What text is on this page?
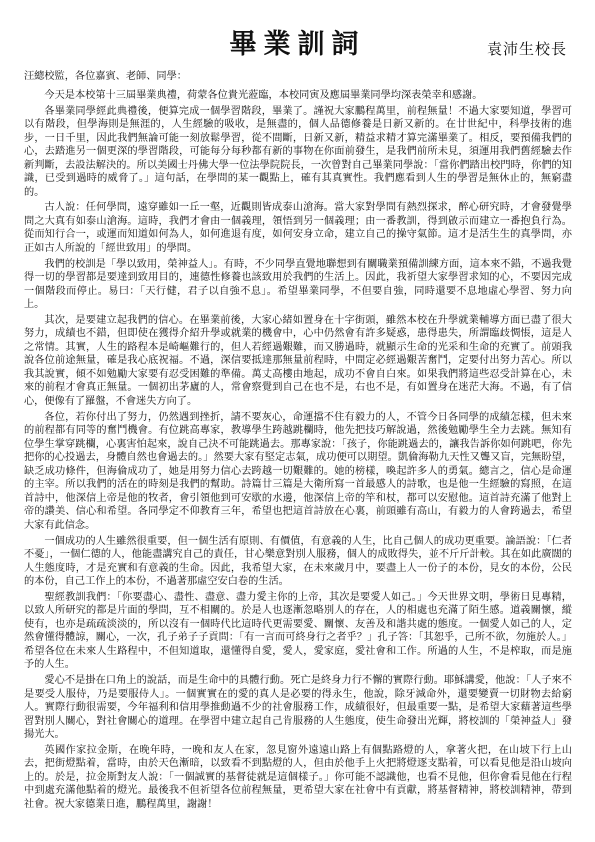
畢業訓詞	袁沛生校長
汪總校監，各位嘉賓、老師、同學：

今天是本校第十三屆畢業典禮，荷蒙各位貴光蒞臨，本校同寅及應屆畢業同學均深表榮幸和感謝。

各畢業同學經此典禮後，便算完成一個學習階段，畢業了。謹祝大家鵬程萬里，前程無量！不過大家要知道，學習可以有階段，但學海則是無涯的，人生經驗的吸收，是無盡的，個人品德修養是日新又新的。在廿世紀中，科學技術的進步，一日千里，因此我們無論可能一刻放鬆學習，從不間斷，日新又新，精益求精才算完滿畢業了。相反，要預備我們的心，去踏進另一個更深的學習階段，可能每分每秒都有新的事物在你面前發生，是我們前所未見，須運用我們舊經驗去作新判斷，去設法解決的。所以美國士丹佛大學一位法學院院長，一次曾對自己畢業同學說：「當你們踏出校門時，你們的知識，已受到過時的威脅了。」這句話，在學問的某一觀點上，確有其真實性。我們應看到人生的學習是無休止的，無窮盡的。

古人說：任何學問，遠穿雖如一丘一壑，近觀則皆成泰山滄海。當大家對學問有熱烈探求，醉心研究時，才會發覺學問之大真有如泰山滄海。這時，我們才會由一個義理，領悟到另一個義理；由一番教訓，得到啟示而建立一番抱負行為。從而知行合一，或運而知道如何為人，如何進退有度，如何安身立命，建立自己的操守氣節。這才是活生生的真學問，亦正如古人所說的「經世致用」的學問。

我們的校訓是「學以致用，榮神益人」。有時，不少同學直覺地聯想到有關職業預備訓練方面，這本來不錯，不過我覺得一切的學習都是要達到致用目的，連德性修養也該致用於我們的生活上。因此，我祈望大家學習求知的心，不要因完成一個階段而停止。易曰：「天行健，君子以自強不息」。希望畢業同學，不但要自強，同時還要不息地虛心學習、努力向上。

其次，是要建立起我們的信心。在畢業前後，大家心緒如置身在十字街頭，雖然本校在升學就業輔導方面已盡了很大努力，成績也不錯，但即使在獲得介紹升學或就業的機會中，心中仍然會有許多疑惑，患得患失，所謂臨歧惆悵，這是人之常情。其實，人生的路程本是崎嶇難行的，但人若經過艱難，而又勝過時，就顯示生命的光采和生命的充實了。前頭我說各位前途無量，確是我心底祝福。不過，深信要抵達那無量前程時，中間定必經過艱苦奮鬥，定要付出努力苦心。所以我其說實，傾不如勉勵大家要有忍受困難的準備。萬丈高樓由地起，成功不會自白來。如果我們將這些忍受計算在心，未來的前程才會真正無量。一個初出茅廬的人，常會察覺到自己在也不是，右也不是，有如置身在迷茫大海。不過，有了信心，便像有了羅盤，不會迷失方向了。

各位，若你付出了努力，仍然遇到挫折，請不要灰心，命運擋不住有毅力的人，不管今日各同學的成績怎樣，但未來的前程都有同等的奮鬥機會。有位跳高專家，教導學生跨越跳欄時，他先把技巧解說過，然後勉勵學生全力去跳。無知有位學生掌穿跳欄，心裏害怕起來，說自己決不可能跳過去。那專家說：「孩子，你能跳過去的，讓我告訴你如何跳吧，你先把你的心投過去，身體自然也會過去的。」然要大家有堅定志氣，成功便可以期望。凱倫海勒九天性又聾又盲，完無盼望，缺乏成功條件，但海倫成功了，她是用努力信心去跨越一切艱難的。她的榜樣，喚起許多人的勇氣。總言之，信心是命運的主宰。所以我們的活在的時刻是我們的幫助。詩篇廿三篇是大衛所寫一首最感人的詩歌，也是他一生經驗的寫照，在這首詩中，他深信上帝是他的牧者，會引領他到可安歇的水邊，他深信上帝的竿和杖，都可以安慰他。這首詩充滿了他對上帝的讚美、信心和希望。各同學定不仰教育三年，希望也把這首詩放在心裏，前頭雖有高山，有毅力的人會跨過去，希望大家有此信念。

一個成功的人生雖然很重要，但一個生活有原則、有價值，有意義的人生，比自己個人的成功更重要。論語說：「仁者不憂」，一個仁德的人，他能盡講究自己的責任，甘心樂意對別人服務，個人的成敗得失，並不斤斤計較。其在如此廣闊的人生態度時，才是充實和有意義的生命。因此，我希望大家，在未來歲月中，要盡上人一份子的本份，見女的本份，公民的本份，自己工作上的本份，不過著那虛空安白卷的生活。

聖經教訓我們：「你要盡心、盡性、盡意、盡力愛主你的上帝，其次是要愛人如己。」今天世界文明，學術日見專精，以致人所研究的都是片面的學問，互不相關的。於是人也逐漸忽略別人的存在，人的相處也充滿了陌生感。道義關懷，縱使有，也亦是疏疏淡淡的，所以沒有一個時代比這時代更需要愛、關懷、友善及和諧共處的態度。一個愛人如己的人，定然會懂得體諒，關心，一次，孔子弟子子貢問：「有一言而可終身行之者乎？」孔子答：「其恕乎，己所不欲，勿施於人。」希望各位在未來人生路程中，不但知道取，還懂得自愛，愛人，愛家庭，愛社會和工作。所過的人生，不是榨取，而是施予的人生。

愛心不是掛在口角上的說話，而是生命中的具體行動。死亡是終身力行不懈的實際行動。耶穌講愛，他說：「人子來不是要受人服侍，乃是要服侍人」。一個實實在的愛的真人是必要的得永生，他說，除牙減命外，還要變賣一切財物去給窮人。實際行動很需要，今年福利和信用學推動過不少的社會服務工作，成績很好，但最重要一點，是希望大家藉著這些學習對別人關心，對社會關心的道理。在學習中建立起自己肯服務的人生態度，使生命發出光輝，將校訓的「榮神益人」發揚光大。

英國作家拉金斯，在晚年時，一晚和友人在家，忽見窗外遠遠山路上有個點路燈的人，拿著火把，在山坡下行上山去，把街燈點着，當時，由於天色漸暗，以致看不到點燈的人，但由於他手上火把將燈逐支點着，可以看見他是沿山坡向上的。於是，拉金斯對友人說：「一個誠實的基督徒就是這個樣子。」你可能不認識他，也看不見他，但你會看見他在行程中到處充滿他點着的燈光。最後我不但祈望各位前程無量，更希望大家在社會中有貢獻，將基督精神，將校訓精神，帶到社會。祝大家德業日進，鵬程萬里，謝謝！
